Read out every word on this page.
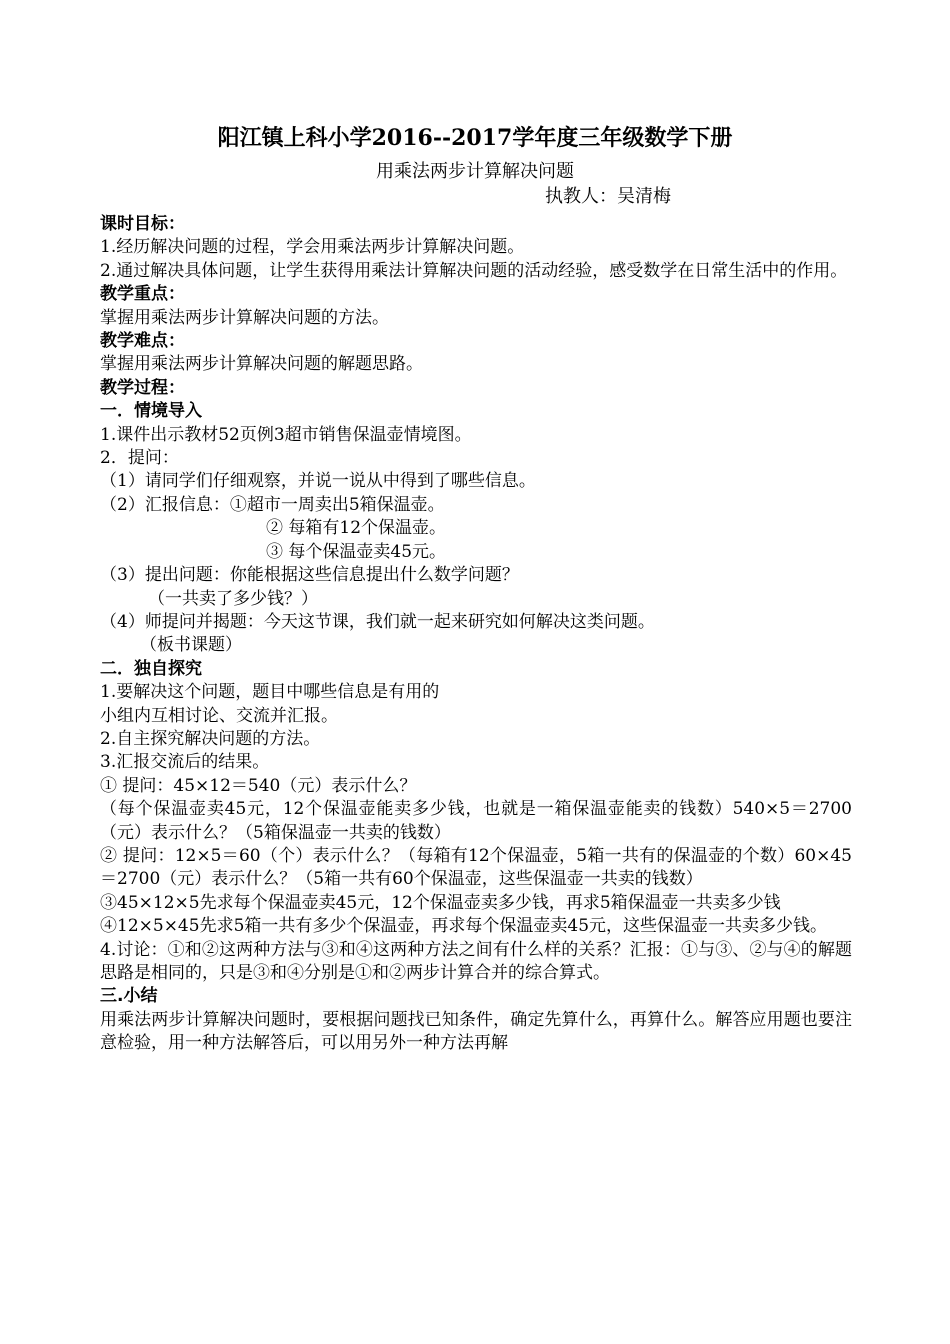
阳江镇上科小学2016--2017学年度三年级数学下册
用乘法两步计算解决问题
执教人：吴清梅

课时目标：

1.经历解决问题的过程，学会用乘法两步计算解决问题。

2.通过解决具体问题，让学生获得用乘法计算解决问题的活动经验，感受数学在日常生活中的作用。

教学重点：

掌握用乘法两步计算解决问题的方法。

教学难点：

掌握用乘法两步计算解决问题的解题思路。

教学过程：

一．情境导入

1.课件出示教材52页例3超市销售保温壶情境图。

2．提问：

（1）请同学们仔细观察，并说一说从中得到了哪些信息。

（2）汇报信息：①超市一周卖出5箱保温壶。

② 每箱有12个保温壶。

③ 每个保温壶卖45元。

（3）提出问题：你能根据这些信息提出什么数学问题？

（一共卖了多少钱？）

（4）师提问并揭题：今天这节课，我们就一起来研究如何解决这类问题。

（板书课题）

二．独自探究

1.要解决这个问题，题目中哪些信息是有用的

小组内互相讨论、交流并汇报。

2.自主探究解决问题的方法。

3.汇报交流后的结果。

① 提问：45×12＝540（元）表示什么？

（每个保温壶卖45元，12个保温壶能卖多少钱，也就是一箱保温壶能卖的钱数）540×5＝2700（元）表示什么？（5箱保温壶一共卖的钱数）

② 提问：12×5＝60（个）表示什么？（每箱有12个保温壶，5箱一共有的保温壶的个数）60×45＝2700（元）表示什么？（5箱一共有60个保温壶，这些保温壶一共卖的钱数）

③45×12×5先求每个保温壶卖45元，12个保温壶卖多少钱，再求5箱保温壶一共卖多少钱

④12×5×45先求5箱一共有多少个保温壶，再求每个保温壶卖45元，这些保温壶一共卖多少钱。

4.讨论：①和②这两种方法与③和④这两种方法之间有什么样的关系？汇报：①与③、②与④的解题思路是相同的，只是③和④分别是①和②两步计算合并的综合算式。

三.小结

用乘法两步计算解决问题时，要根据问题找已知条件，确定先算什么，再算什么。解答应用题也要注意检验，用一种方法解答后，可以用另外一种方法再解
